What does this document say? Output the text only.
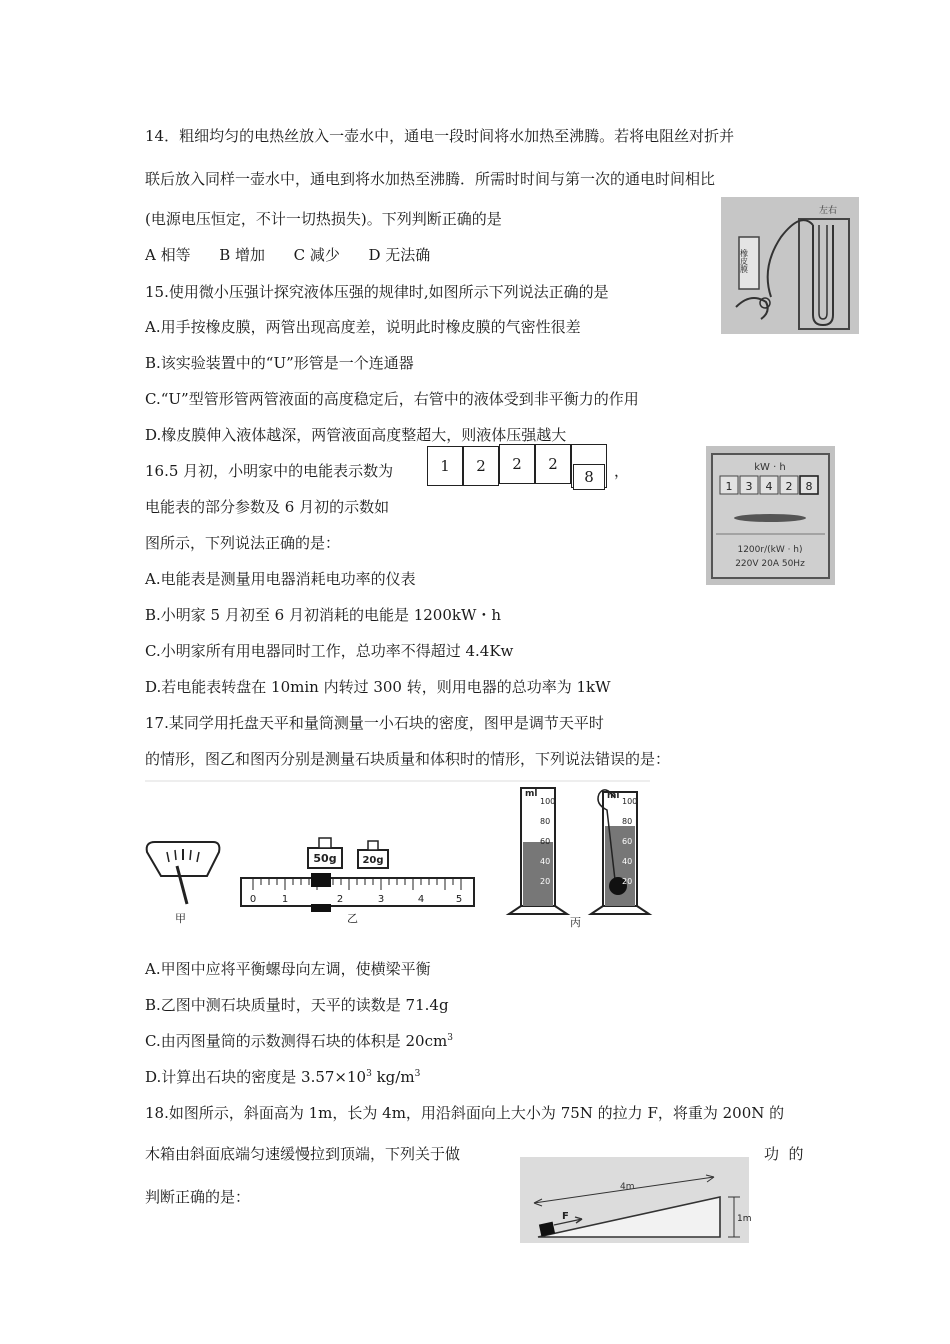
14．粗细均匀的电热丝放入一壶水中，通电一段时间将水加热至沸腾。若将电阻丝对折并
联后放入同样一壶水中，通电到将水加热至沸腾．所需时时间与第一次的通电时间相比
(电源电压恒定，不计一切热损失)。下列判断正确的是
A 相等      B 增加      C 减少      D 无法确
左右
橡皮膜
15.使用微小压强计探究液体压强的规律时,如图所示下列说法正确的是
A.用手按橡皮膜，两管出现高度差，说明此时橡皮膜的气密性很差
B.该实验装置中的“U”形管是一个连通器
C.“U”型管形管两管液面的高度稳定后，右管中的液体受到非平衡力的作用
D.橡皮膜伸入液体越深，两管液面高度整超大，则液体压强越大
16.5 月初，小明家中的电能表示数为	1	2	2	2
8	，
电能表的部分参数及 6 月初的示数如
图所示，下列说法正确的是：
kW · h
1 3 4 2 8
1200r/(kW · h)
220V 20A 50Hz
A.电能表是测量用电器消耗电功率的仪表
B.小明家 5 月初至 6 月初消耗的电能是 1200kW・h
C.小明家所有用电器同时工作，总功率不得超过 4.4Kw
D.若电能表转盘在 10min 内转过 300 转，则用电器的总功率为 1kW
17.某同学用托盘天平和量筒测量一小石块的密度，图甲是调节天平时
的情形，图乙和图丙分别是测量石块质量和体积时的情形，下列说法错误的是：
甲
50g	20g
0	1	2	3	4	5
乙
ml
100
80
60
40
20
ml
100
80
60
40
20
丙
A.甲图中应将平衡螺母向左调，使横梁平衡
B.乙图中测石块质量时，天平的读数是 71.4g
C.由丙图量筒的示数测得石块的体积是 $20cm^3$
D.计算出石块的密度是 $3.57\times 10^3$ $kg/m^3$
18.如图所示，斜面高为 1m，长为 4m，用沿斜面向上大小为 75N 的拉力 F，将重为 200N 的
木箱由斜面底端匀速缓慢拉到顶端，下列关于做	功  的
判断正确的是：
4m
F	1m
